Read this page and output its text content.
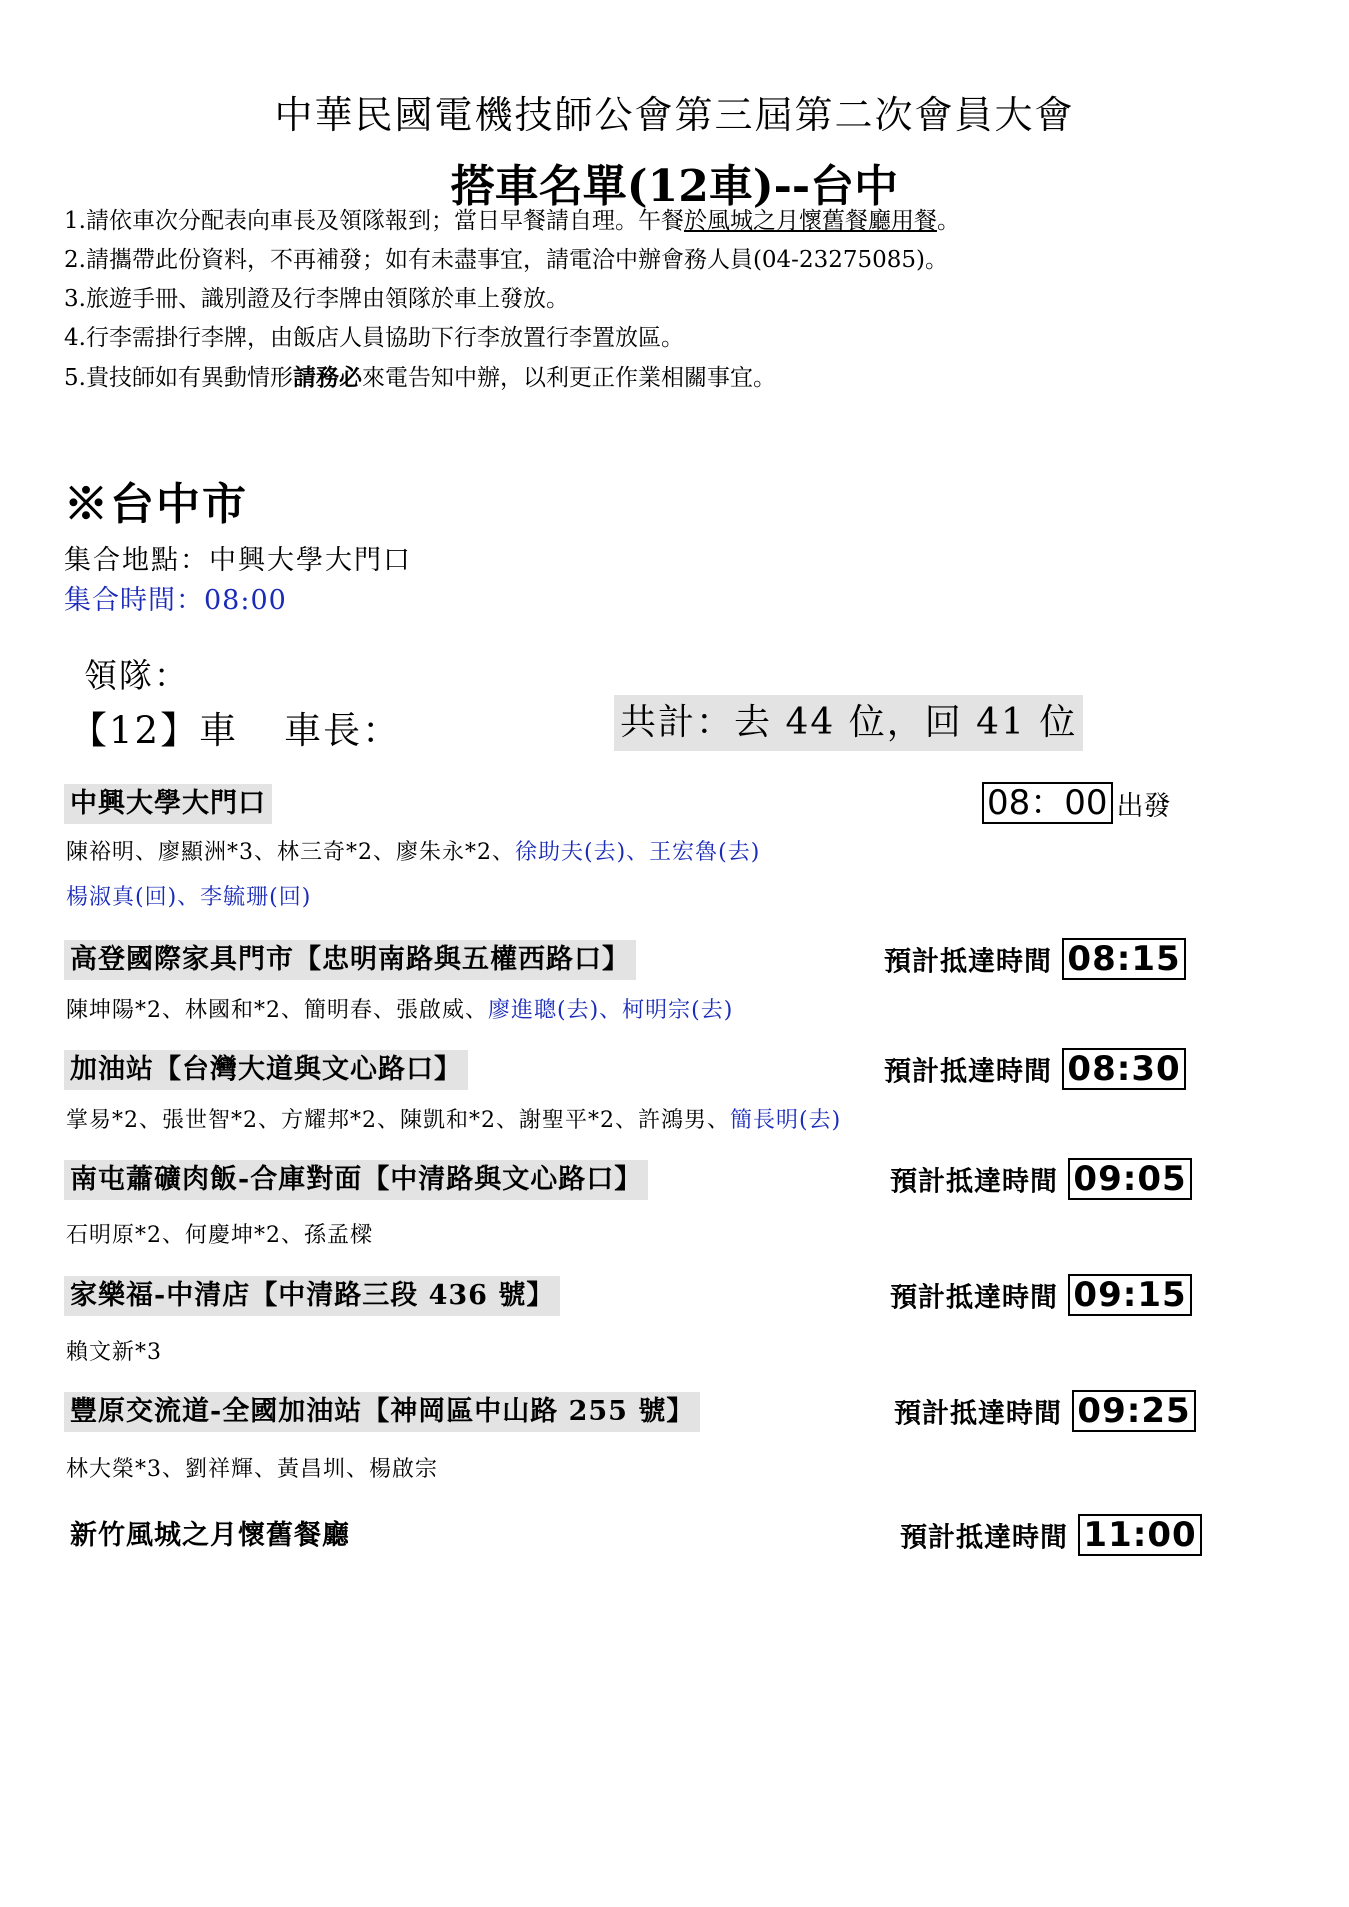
中華民國電機技師公會第三屆第二次會員大會
搭車名單(12車)--台中
1.請依車次分配表向車長及領隊報到；當日早餐請自理。午餐於風城之月懷舊餐廳用餐。
2.請攜帶此份資料，不再補發；如有未盡事宜，請電洽中辦會務人員(04-23275085)。
3.旅遊手冊、識別證及行李牌由領隊於車上發放。
4.行李需掛行李牌，由飯店人員協助下行李放置行李置放區。
5.貴技師如有異動情形請務必來電告知中辦，以利更正作業相關事宜。
※台中市
集合地點：中興大學大門口
集合時間：08:00
領隊：
【12】車 車長：	共計：去 44 位，回 41 位
中興大學大門口	08：00 出發
陳裕明、廖顯洲*3、林三奇*2、廖朱永*2、徐助夫(去)、王宏魯(去)
楊淑真(回)、李毓珊(回)
高登國際家具門市【忠明南路與五權西路口】	預計抵達時間 08:15
陳坤陽*2、林國和*2、簡明春、張啟威、廖進聰(去)、柯明宗(去)
加油站【台灣大道與文心路口】	預計抵達時間 08:30
掌易*2、張世智*2、方耀邦*2、陳凱和*2、謝聖平*2、許鴻男、簡長明(去)
南屯蕭礦肉飯-合庫對面【中清路與文心路口】	預計抵達時間 09:05
石明原*2、何慶坤*2、孫孟樑
家樂福-中清店【中清路三段 436 號】	預計抵達時間 09:15
賴文新*3
豐原交流道-全國加油站【神岡區中山路 255 號】	預計抵達時間 09:25
林大榮*3、劉祥輝、黃昌圳、楊啟宗
新竹風城之月懷舊餐廳	預計抵達時間 11:00
